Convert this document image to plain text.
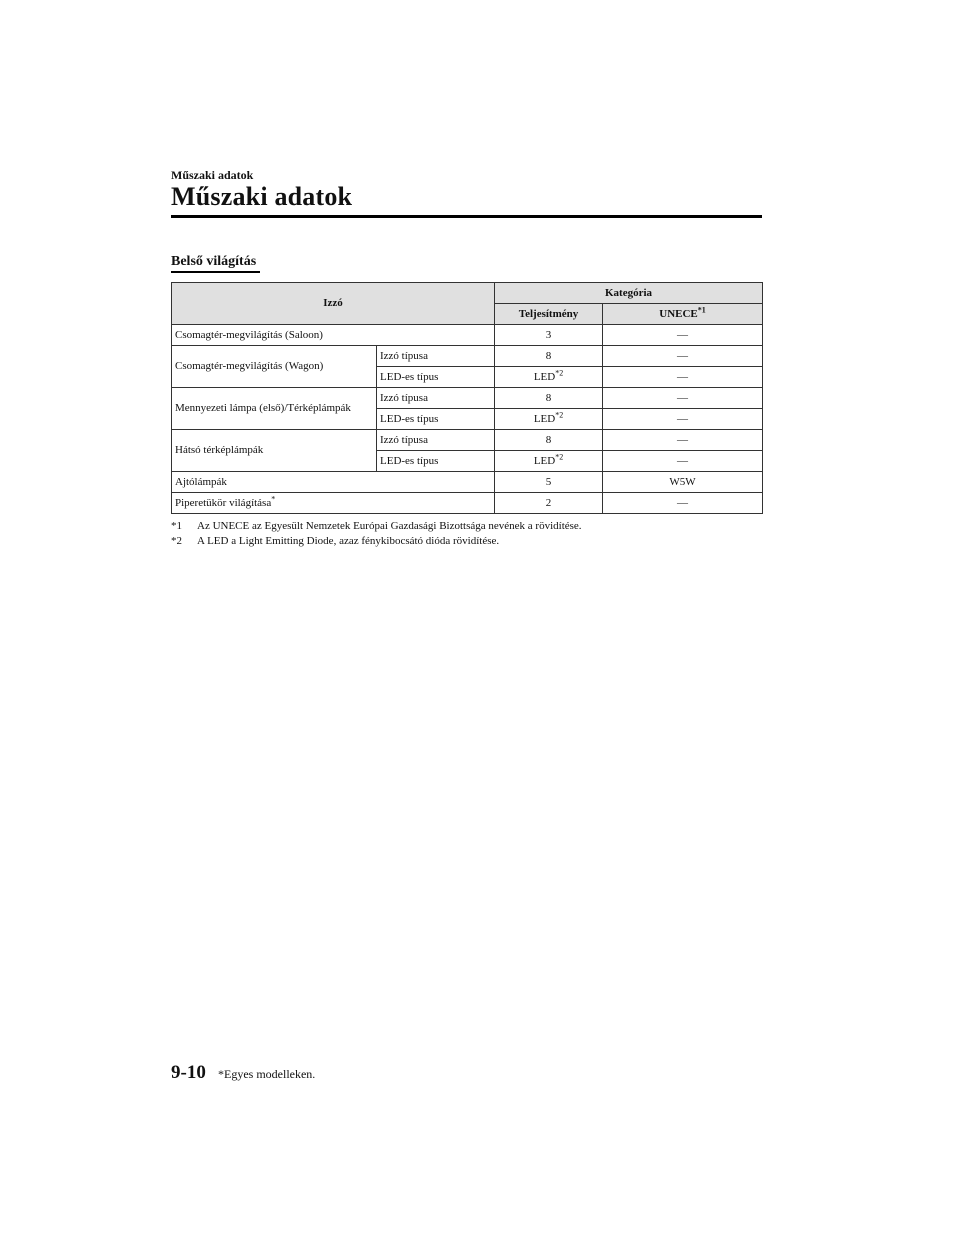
Műszaki adatok
Műszaki adatok
Belső világítás
Izzó		Kategória	
		Teljesítmény	UNECE$^{*1}$
Csomagtér-megvilágítás (Saloon)		3	—
Csomagtér-megvilágítás (Wagon)	Izzó típusa	8	—
	LED-es típus	LED$^{*2}$	—
Mennyezeti lámpa (első)/Térképlámpák	Izzó típusa	8	—
	LED-es típus	LED$^{*2}$	—
Hátsó térképlámpák	Izzó típusa	8	—
	LED-es típus	LED$^{*2}$	—
Ajtólámpák		5	W5W
Piperetükör világítása*		2	—
*1	Az UNECE az Egyesült Nemzetek Európai Gazdasági Bizottsága nevének a rövidítése.
*2	A LED a Light Emitting Diode, azaz fénykibocsátó dióda rövidítése.
9-10 *Egyes modelleken.
